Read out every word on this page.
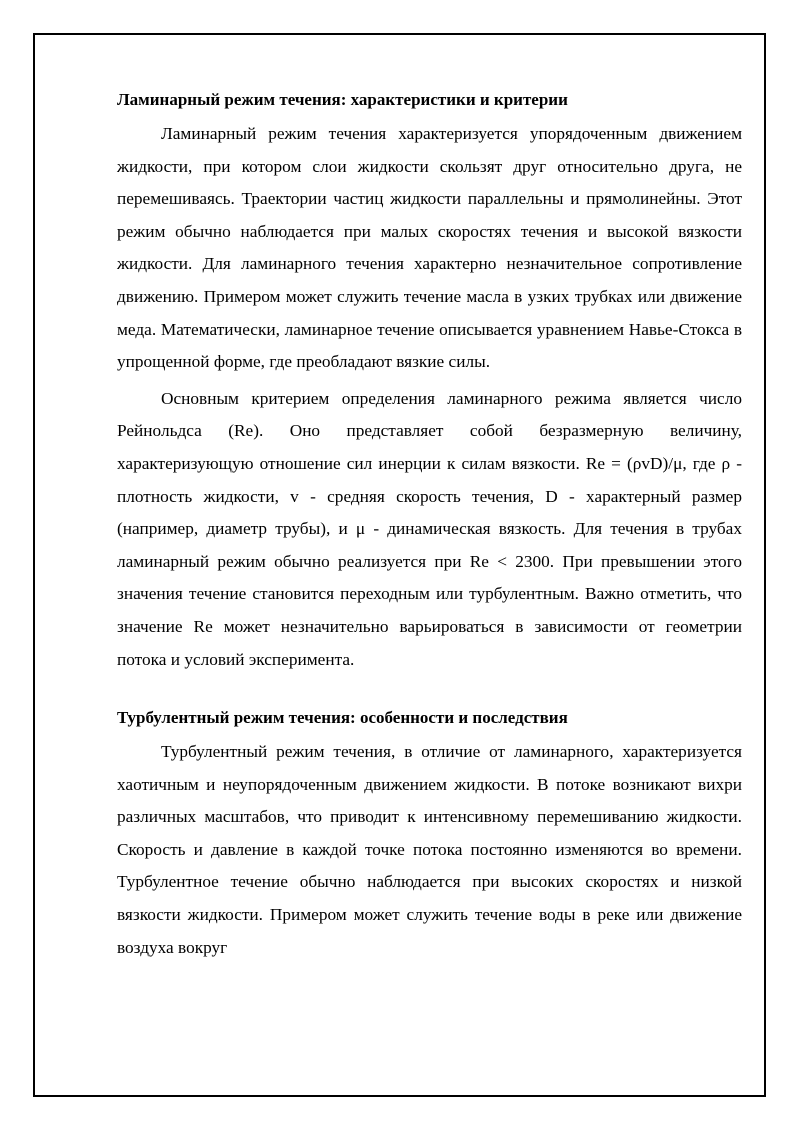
Ламинарный режим течения: характеристики и критерии

Ламинарный режим течения характеризуется упорядоченным движением жидкости, при котором слои жидкости скользят друг относительно друга, не перемешиваясь. Траектории частиц жидкости параллельны и прямолинейны. Этот режим обычно наблюдается при малых скоростях течения и высокой вязкости жидкости. Для ламинарного течения характерно незначительное сопротивление движению. Примером может служить течение масла в узких трубках или движение меда. Математически, ламинарное течение описывается уравнением Навье-Стокса в упрощенной форме, где преобладают вязкие силы.

Основным критерием определения ламинарного режима является число Рейнольдса (Re). Оно представляет собой безразмерную величину, характеризующую отношение сил инерции к силам вязкости. Re = (ρvD)/μ, где ρ - плотность жидкости, v - средняя скорость течения, D - характерный размер (например, диаметр трубы), и μ - динамическая вязкость. Для течения в трубах ламинарный режим обычно реализуется при Re < 2300. При превышении этого значения течение становится переходным или турбулентным. Важно отметить, что значение Re может незначительно варьироваться в зависимости от геометрии потока и условий эксперимента.

Турбулентный режим течения: особенности и последствия

Турбулентный режим течения, в отличие от ламинарного, характеризуется хаотичным и неупорядоченным движением жидкости. В потоке возникают вихри различных масштабов, что приводит к интенсивному перемешиванию жидкости. Скорость и давление в каждой точке потока постоянно изменяются во времени. Турбулентное течение обычно наблюдается при высоких скоростях и низкой вязкости жидкости. Примером может служить течение воды в реке или движение воздуха вокруг
